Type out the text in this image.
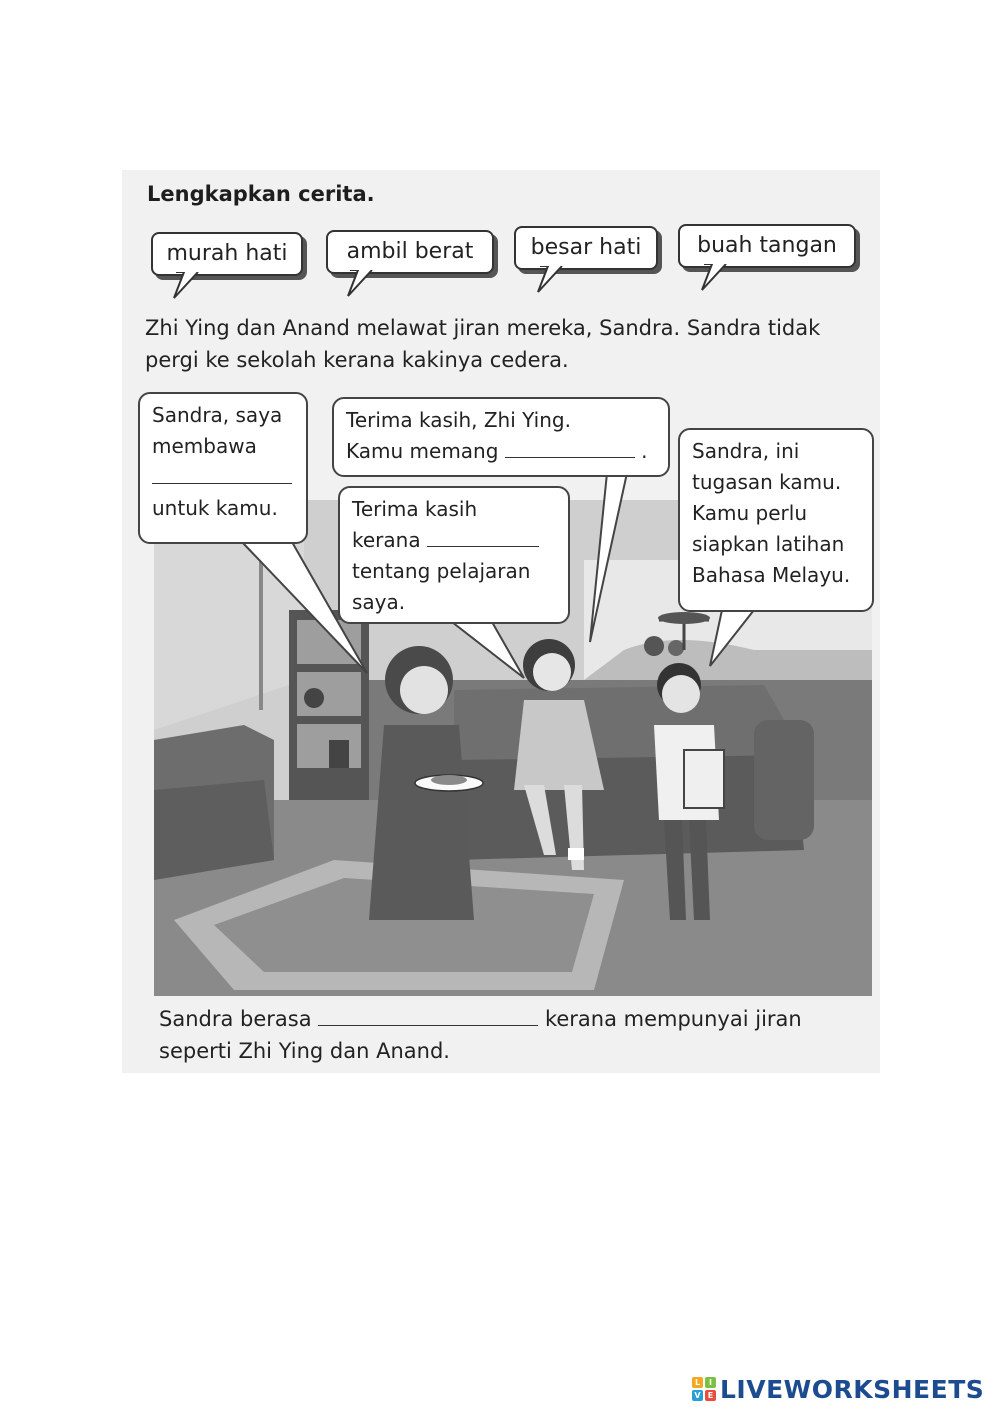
Lengkapkan cerita.
murah hati	ambil berat	besar hati	buah tangan
Zhi Ying dan Anand melawat jiran mereka, Sandra. Sandra tidak pergi ke sekolah kerana kakinya cedera.
Sandra, saya
membawa
untuk kamu.
Terima kasih, Zhi Ying.
Kamu memang	.
Terima kasih
kerana
tentang pelajaran
saya.
Sandra, ini
tugasan kamu.
Kamu perlu
siapkan latihan
Bahasa Melayu.
Sandra berasa	kerana mempunyai jiran
seperti Zhi Ying dan Anand.
L	I
V E LIVEWORKSHEETS
